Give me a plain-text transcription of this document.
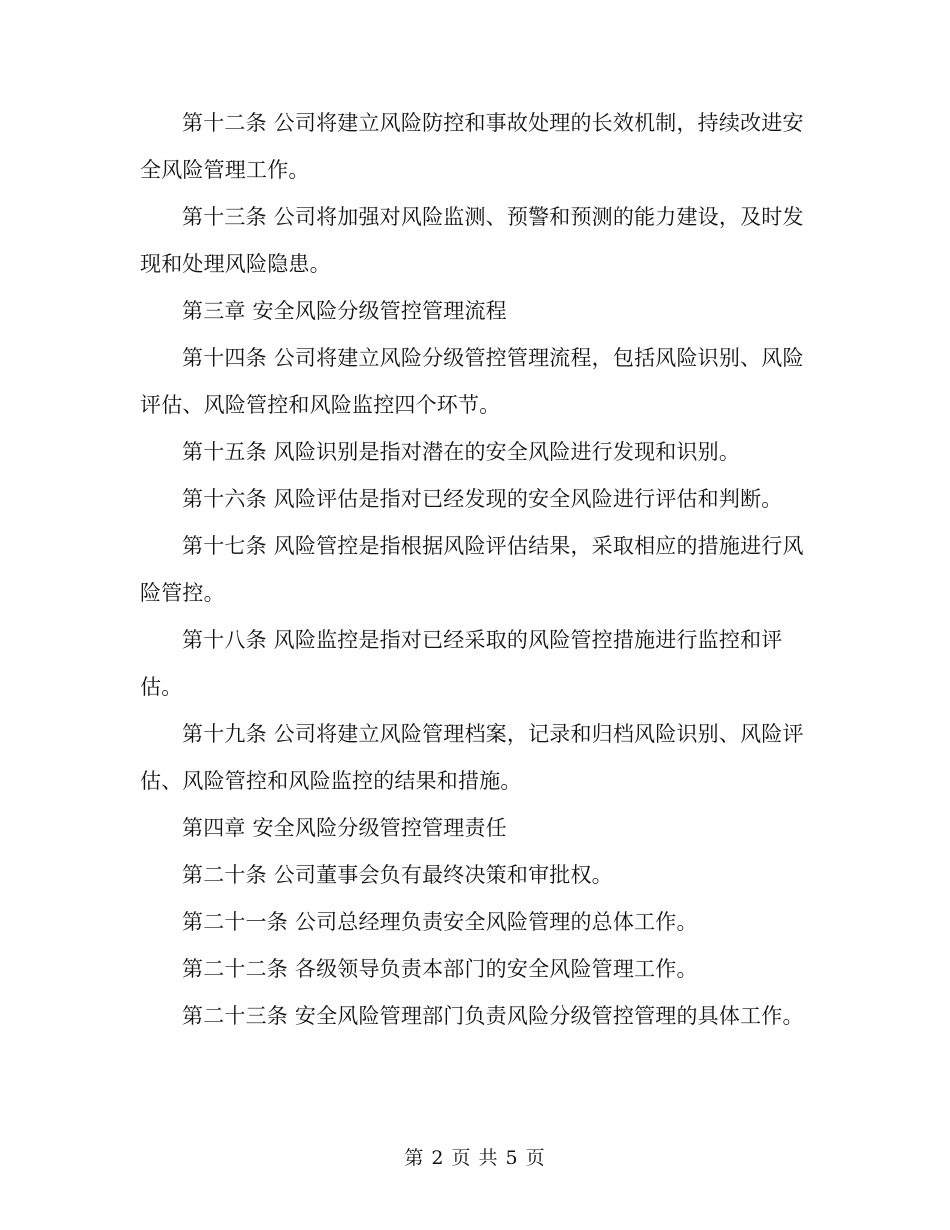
第十二条 公司将建立风险防控和事故处理的长效机制，持续改进安全风险管理工作。

第十三条 公司将加强对风险监测、预警和预测的能力建设，及时发现和处理风险隐患。

第三章 安全风险分级管控管理流程

第十四条 公司将建立风险分级管控管理流程，包括风险识别、风险评估、风险管控和风险监控四个环节。

第十五条 风险识别是指对潜在的安全风险进行发现和识别。

第十六条 风险评估是指对已经发现的安全风险进行评估和判断。

第十七条 风险管控是指根据风险评估结果，采取相应的措施进行风险管控。

第十八条 风险监控是指对已经采取的风险管控措施进行监控和评估。

第十九条 公司将建立风险管理档案，记录和归档风险识别、风险评估、风险管控和风险监控的结果和措施。

第四章 安全风险分级管控管理责任

第二十条 公司董事会负有最终决策和审批权。

第二十一条 公司总经理负责安全风险管理的总体工作。

第二十二条 各级领导负责本部门的安全风险管理工作。

第二十三条 安全风险管理部门负责风险分级管控管理的具体工作。

第 2 页 共 5 页
